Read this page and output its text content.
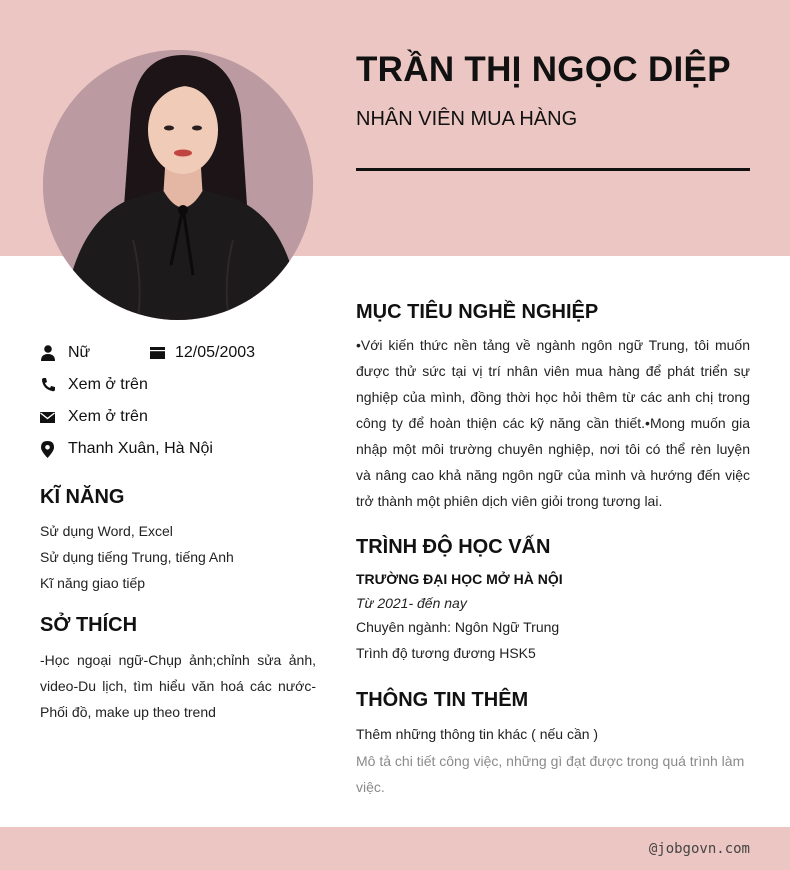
TRẦN THỊ NGỌC DIỆP
NHÂN VIÊN MUA HÀNG
Nữ	12/05/2003
Xem ở trên
Xem ở trên
Thanh Xuân, Hà Nội
KĨ NĂNG
Sử dụng Word, Excel
Sử dụng tiếng Trung, tiếng Anh
Kĩ năng giao tiếp
SỞ THÍCH
-Học ngoại ngữ-Chụp ảnh;chỉnh sửa ảnh, video-Du lịch, tìm hiểu văn hoá các nước-Phối đồ, make up theo trend
MỤC TIÊU NGHỀ NGHIỆP
•Với kiến thức nền tảng về ngành ngôn ngữ Trung, tôi muốn được thử sức tại vị trí nhân viên mua hàng để phát triển sự nghiệp của mình, đồng thời học hỏi thêm từ các anh chị trong công ty để hoàn thiện các kỹ năng cần thiết.•Mong muốn gia nhập một môi trường chuyên nghiệp, nơi tôi có thể rèn luyện và nâng cao khả năng ngôn ngữ của mình và hướng đến việc trở thành một phiên dịch viên giỏi trong tương lai.
TRÌNH ĐỘ HỌC VẤN
TRƯỜNG ĐẠI HỌC MỞ HÀ NỘI
Từ 2021- đến nay
Chuyên ngành: Ngôn Ngữ Trung
Trình độ tương đương HSK5
THÔNG TIN THÊM
Thêm những thông tin khác ( nếu cần )
Mô tả chi tiết công việc, những gì đạt được trong quá trình làm việc.
@jobgovn.com
